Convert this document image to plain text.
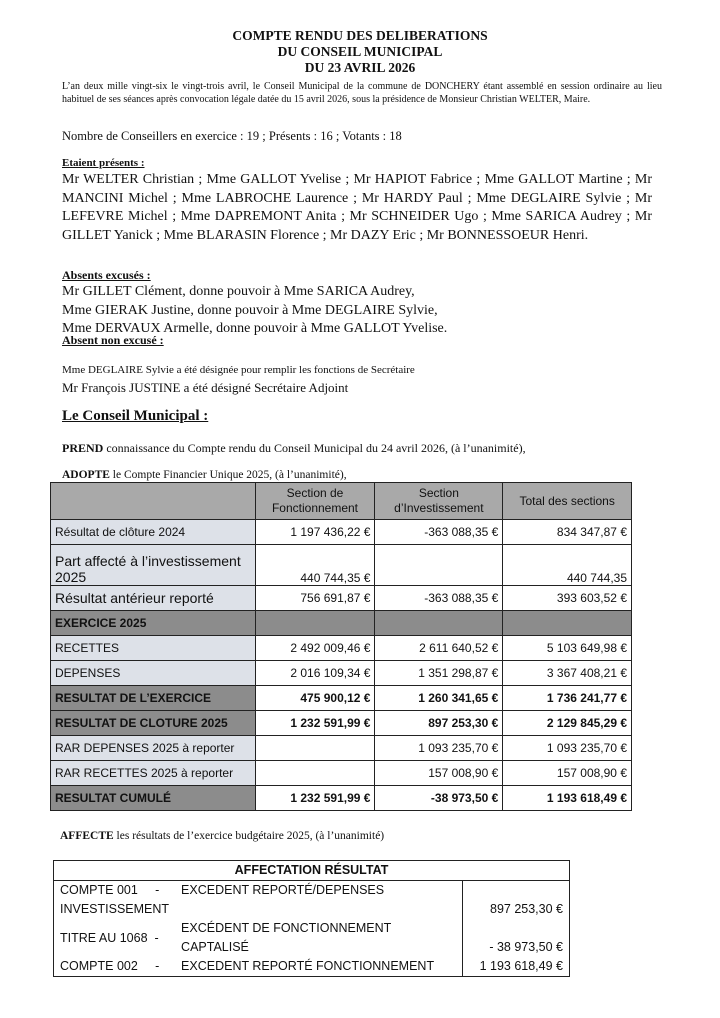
COMPTE RENDU DES DELIBERATIONS
DU CONSEIL MUNICIPAL
DU 23 AVRIL 2026
L’an deux mille vingt-six le vingt-trois avril, le Conseil Municipal de la commune de DONCHERY étant assemblé en session ordinaire au lieu habituel de ses séances après convocation légale datée du 15 avril 2026, sous la présidence de Monsieur Christian WELTER, Maire.
Nombre de Conseillers en exercice : 19 ; Présents : 16 ; Votants : 18
Etaient présents :
Mr WELTER Christian ; Mme GALLOT Yvelise ; Mr HAPIOT Fabrice ; Mme GALLOT Martine ; Mr MANCINI Michel ; Mme LABROCHE Laurence ; Mr HARDY Paul ; Mme DEGLAIRE Sylvie ; Mr LEFEVRE Michel ; Mme DAPREMONT Anita ; Mr SCHNEIDER Ugo ; Mme SARICA Audrey ; Mr GILLET Yanick ; Mme BLARASIN Florence ; Mr DAZY Eric ; Mr BONNESSOEUR Henri.
Absents excusés :
Mr GILLET Clément, donne pouvoir à Mme SARICA Audrey,
Mme GIERAK Justine, donne pouvoir à Mme DEGLAIRE Sylvie,
Mme DERVAUX Armelle, donne pouvoir à Mme GALLOT Yvelise.
Absent non excusé :
Mme DEGLAIRE Sylvie a été désignée pour remplir les fonctions de Secrétaire
Mr François JUSTINE a été désigné Secrétaire Adjoint
Le Conseil Municipal :
PREND connaissance du Compte rendu du Conseil Municipal du 24 avril 2026, (à l’unanimité),
ADOPTE le Compte Financier Unique 2025, (à l’unanimité),
	Section de Fonctionnement	Section d’Investissement	Total des sections
Résultat de clôture 2024	1 197 436,22 €	-363 088,35 €	834 347,87 €
Part affecté à l’investissement 2025	440 744,35 €		440 744,35
Résultat antérieur reporté	756 691,87 €	-363 088,35 €	393 603,52 €
EXERCICE 2025			
RECETTES	2 492 009,46 €	2 611 640,52 €	5 103 649,98 €
DEPENSES	2 016 109,34 €	1 351 298,87 €	3 367 408,21 €
RESULTAT DE L’EXERCICE	475 900,12 €	1 260 341,65 €	1 736 241,77 €
RESULTAT DE CLOTURE 2025	1 232 591,99 €	897 253,30 €	2 129 845,29 €
RAR DEPENSES 2025 à reporter		1 093 235,70 €	1 093 235,70 €
RAR RECETTES 2025 à reporter		157 008,90 €	157 008,90 €
RESULTAT CUMULÉ	1 232 591,99 €	-38 973,50 €	1 193 618,49 €
AFFECTE les résultats de l’exercice budgétaire 2025, (à l’unanimité)
AFFECTATION RÉSULTAT		
COMPTE 001     -	EXCEDENT REPORTÉ/DEPENSES	
INVESTISSEMENT		897 253,30 €
TITRE AU 1068  -	EXCÉDENT DE FONCTIONNEMENT CAPTALISÉ	- 38 973,50 €
COMPTE 002     -	EXCEDENT REPORTÉ FONCTIONNEMENT	1 193 618,49 €
